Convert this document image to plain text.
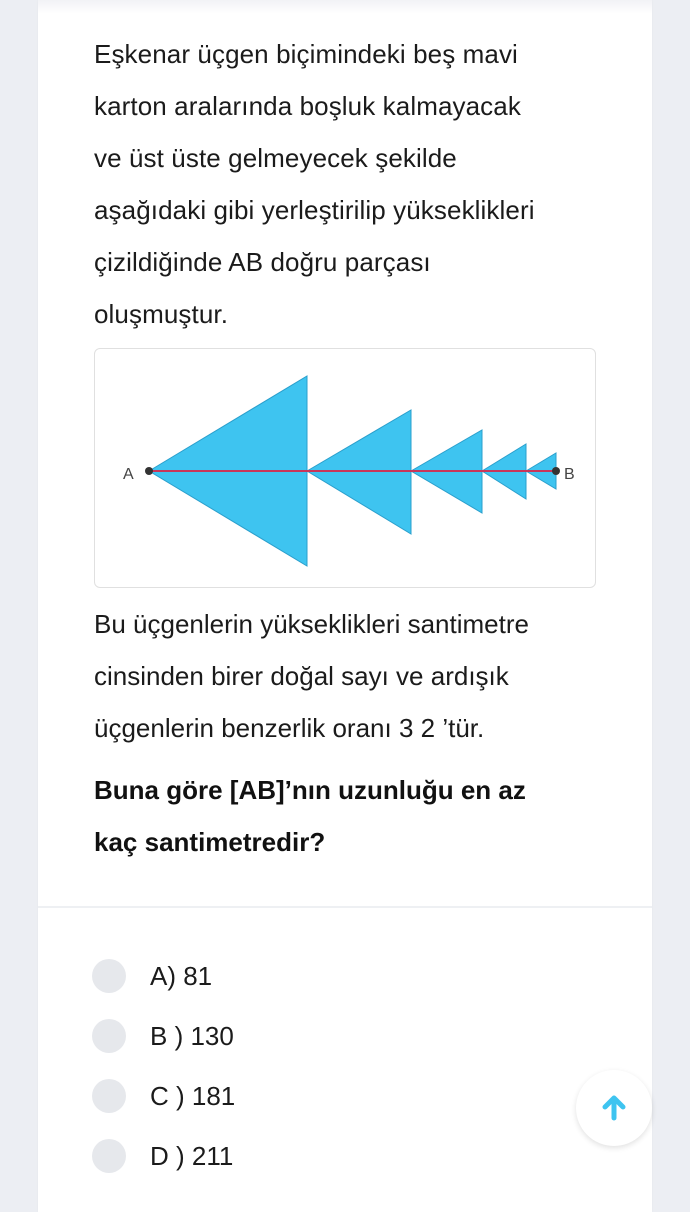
Eşkenar üçgen biçimindeki beş mavi
karton aralarında boşluk kalmayacak
ve üst üste gelmeyecek şekilde
aşağıdaki gibi yerleştirilip yükseklikleri
çizildiğinde AB doğru parçası
oluşmuştur.
A	B
Bu üçgenlerin yükseklikleri santimetre
cinsinden birer doğal sayı ve ardışık
üçgenlerin benzerlik oranı 3 2 ’tür.
Buna göre [AB]’nın uzunluğu en az
kaç santimetredir?
A) 81
B ) 130
C ) 181
D ) 211
